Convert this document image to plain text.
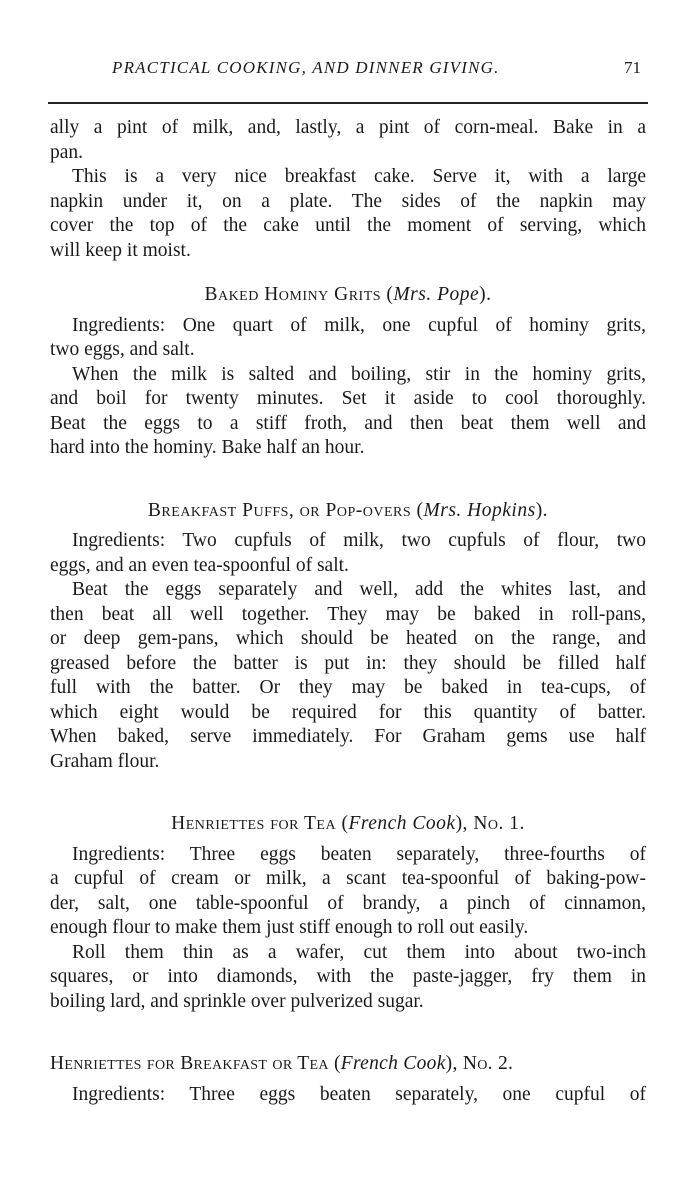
PRACTICAL COOKING, AND DINNER GIVING.	71
ally a pint of milk, and, lastly, a pint of corn-meal. Bake in a
pan.
This is a very nice breakfast cake. Serve it, with a large
napkin under it, on a plate. The sides of the napkin may
cover the top of the cake until the moment of serving, which
will keep it moist.
Baked Hominy Grits (Mrs. Pope).
Ingredients: One quart of milk, one cupful of hominy grits,
two eggs, and salt.
When the milk is salted and boiling, stir in the hominy grits,
and boil for twenty minutes. Set it aside to cool thoroughly.
Beat the eggs to a stiff froth, and then beat them well and
hard into the hominy. Bake half an hour.
Breakfast Puffs, or Pop-overs (Mrs. Hopkins).
Ingredients: Two cupfuls of milk, two cupfuls of flour, two
eggs, and an even tea-spoonful of salt.
Beat the eggs separately and well, add the whites last, and
then beat all well together. They may be baked in roll-pans,
or deep gem-pans, which should be heated on the range, and
greased before the batter is put in: they should be filled half
full with the batter. Or they may be baked in tea-cups, of
which eight would be required for this quantity of batter.
When baked, serve immediately. For Graham gems use half
Graham flour.
Henriettes for Tea (French Cook), No. 1.
Ingredients: Three eggs beaten separately, three-fourths of
a cupful of cream or milk, a scant tea-spoonful of baking-pow-
der, salt, one table-spoonful of brandy, a pinch of cinnamon,
enough flour to make them just stiff enough to roll out easily.
Roll them thin as a wafer, cut them into about two-inch
squares, or into diamonds, with the paste-jagger, fry them in
boiling lard, and sprinkle over pulverized sugar.
Henriettes for Breakfast or Tea (French Cook), No. 2.
Ingredients: Three eggs beaten separately, one cupful of
